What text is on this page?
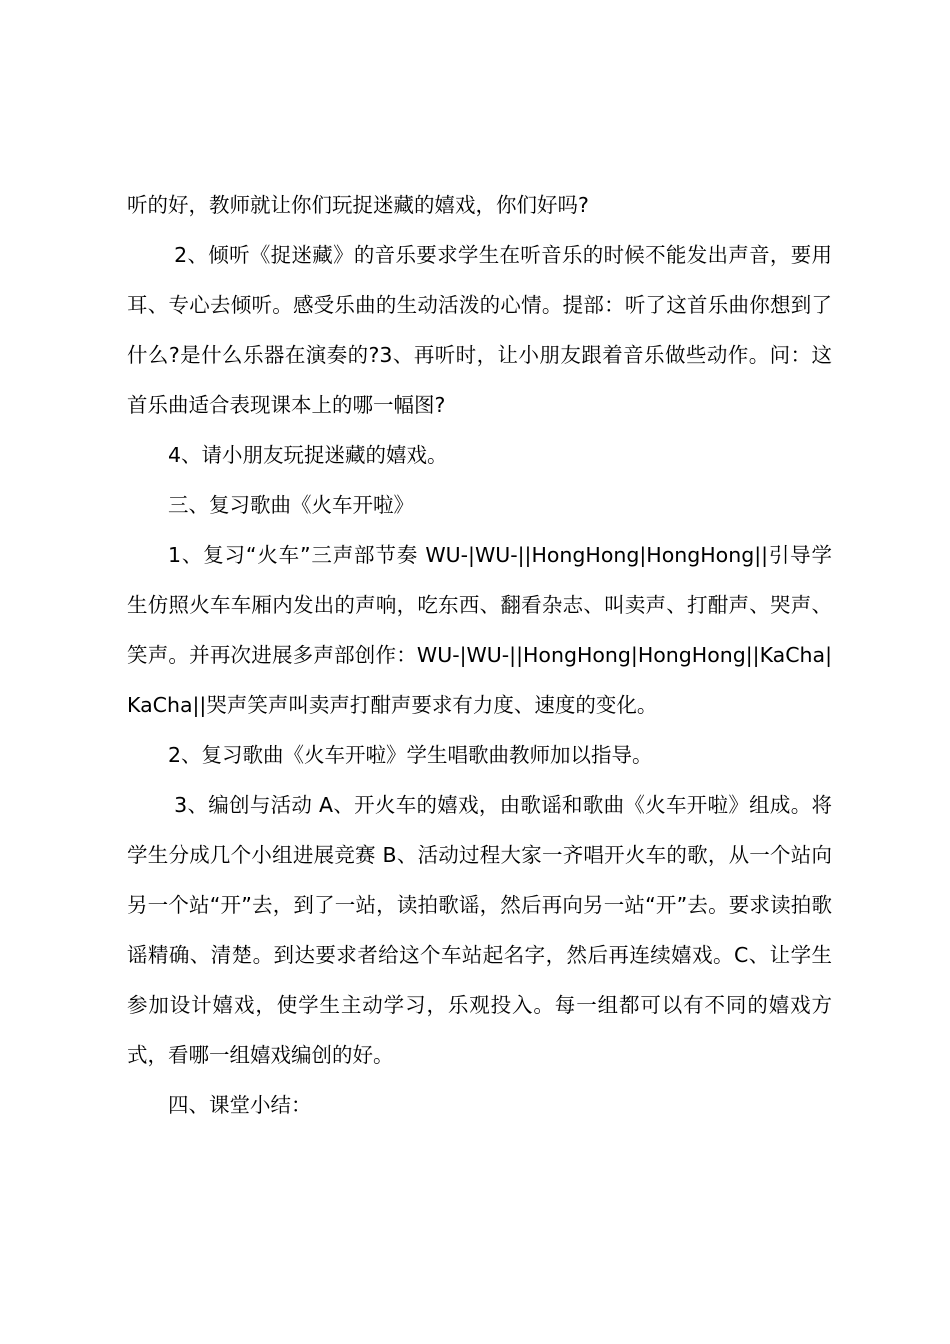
听的好，教师就让你们玩捉迷藏的嬉戏，你们好吗?

2、倾听《捉迷藏》的音乐要求学生在听音乐的时候不能发出声音，要用耳、专心去倾听。感受乐曲的生动活泼的心情。提部：听了这首乐曲你想到了什么?是什么乐器在演奏的?3、再听时，让小朋友跟着音乐做些动作。问：这首乐曲适合表现课本上的哪一幅图?

4、请小朋友玩捉迷藏的嬉戏。

三、复习歌曲《火车开啦》

1、复习“火车”三声部节奏 WU-|WU-||HongHong|HongHong||引导学生仿照火车车厢内发出的声响，吃东西、翻看杂志、叫卖声、打酣声、哭声、笑声。并再次进展多声部创作：WU-|WU-||HongHong|HongHong||KaCha|KaCha||哭声笑声叫卖声打酣声要求有力度、速度的变化。

2、复习歌曲《火车开啦》学生唱歌曲教师加以指导。

3、编创与活动 A、开火车的嬉戏，由歌谣和歌曲《火车开啦》组成。将学生分成几个小组进展竞赛 B、活动过程大家一齐唱开火车的歌，从一个站向另一个站“开”去，到了一站，读拍歌谣，然后再向另一站“开”去。要求读拍歌谣精确、清楚。到达要求者给这个车站起名字，然后再连续嬉戏。C、让学生参加设计嬉戏，使学生主动学习，乐观投入。每一组都可以有不同的嬉戏方式，看哪一组嬉戏编创的好。

四、课堂小结：
